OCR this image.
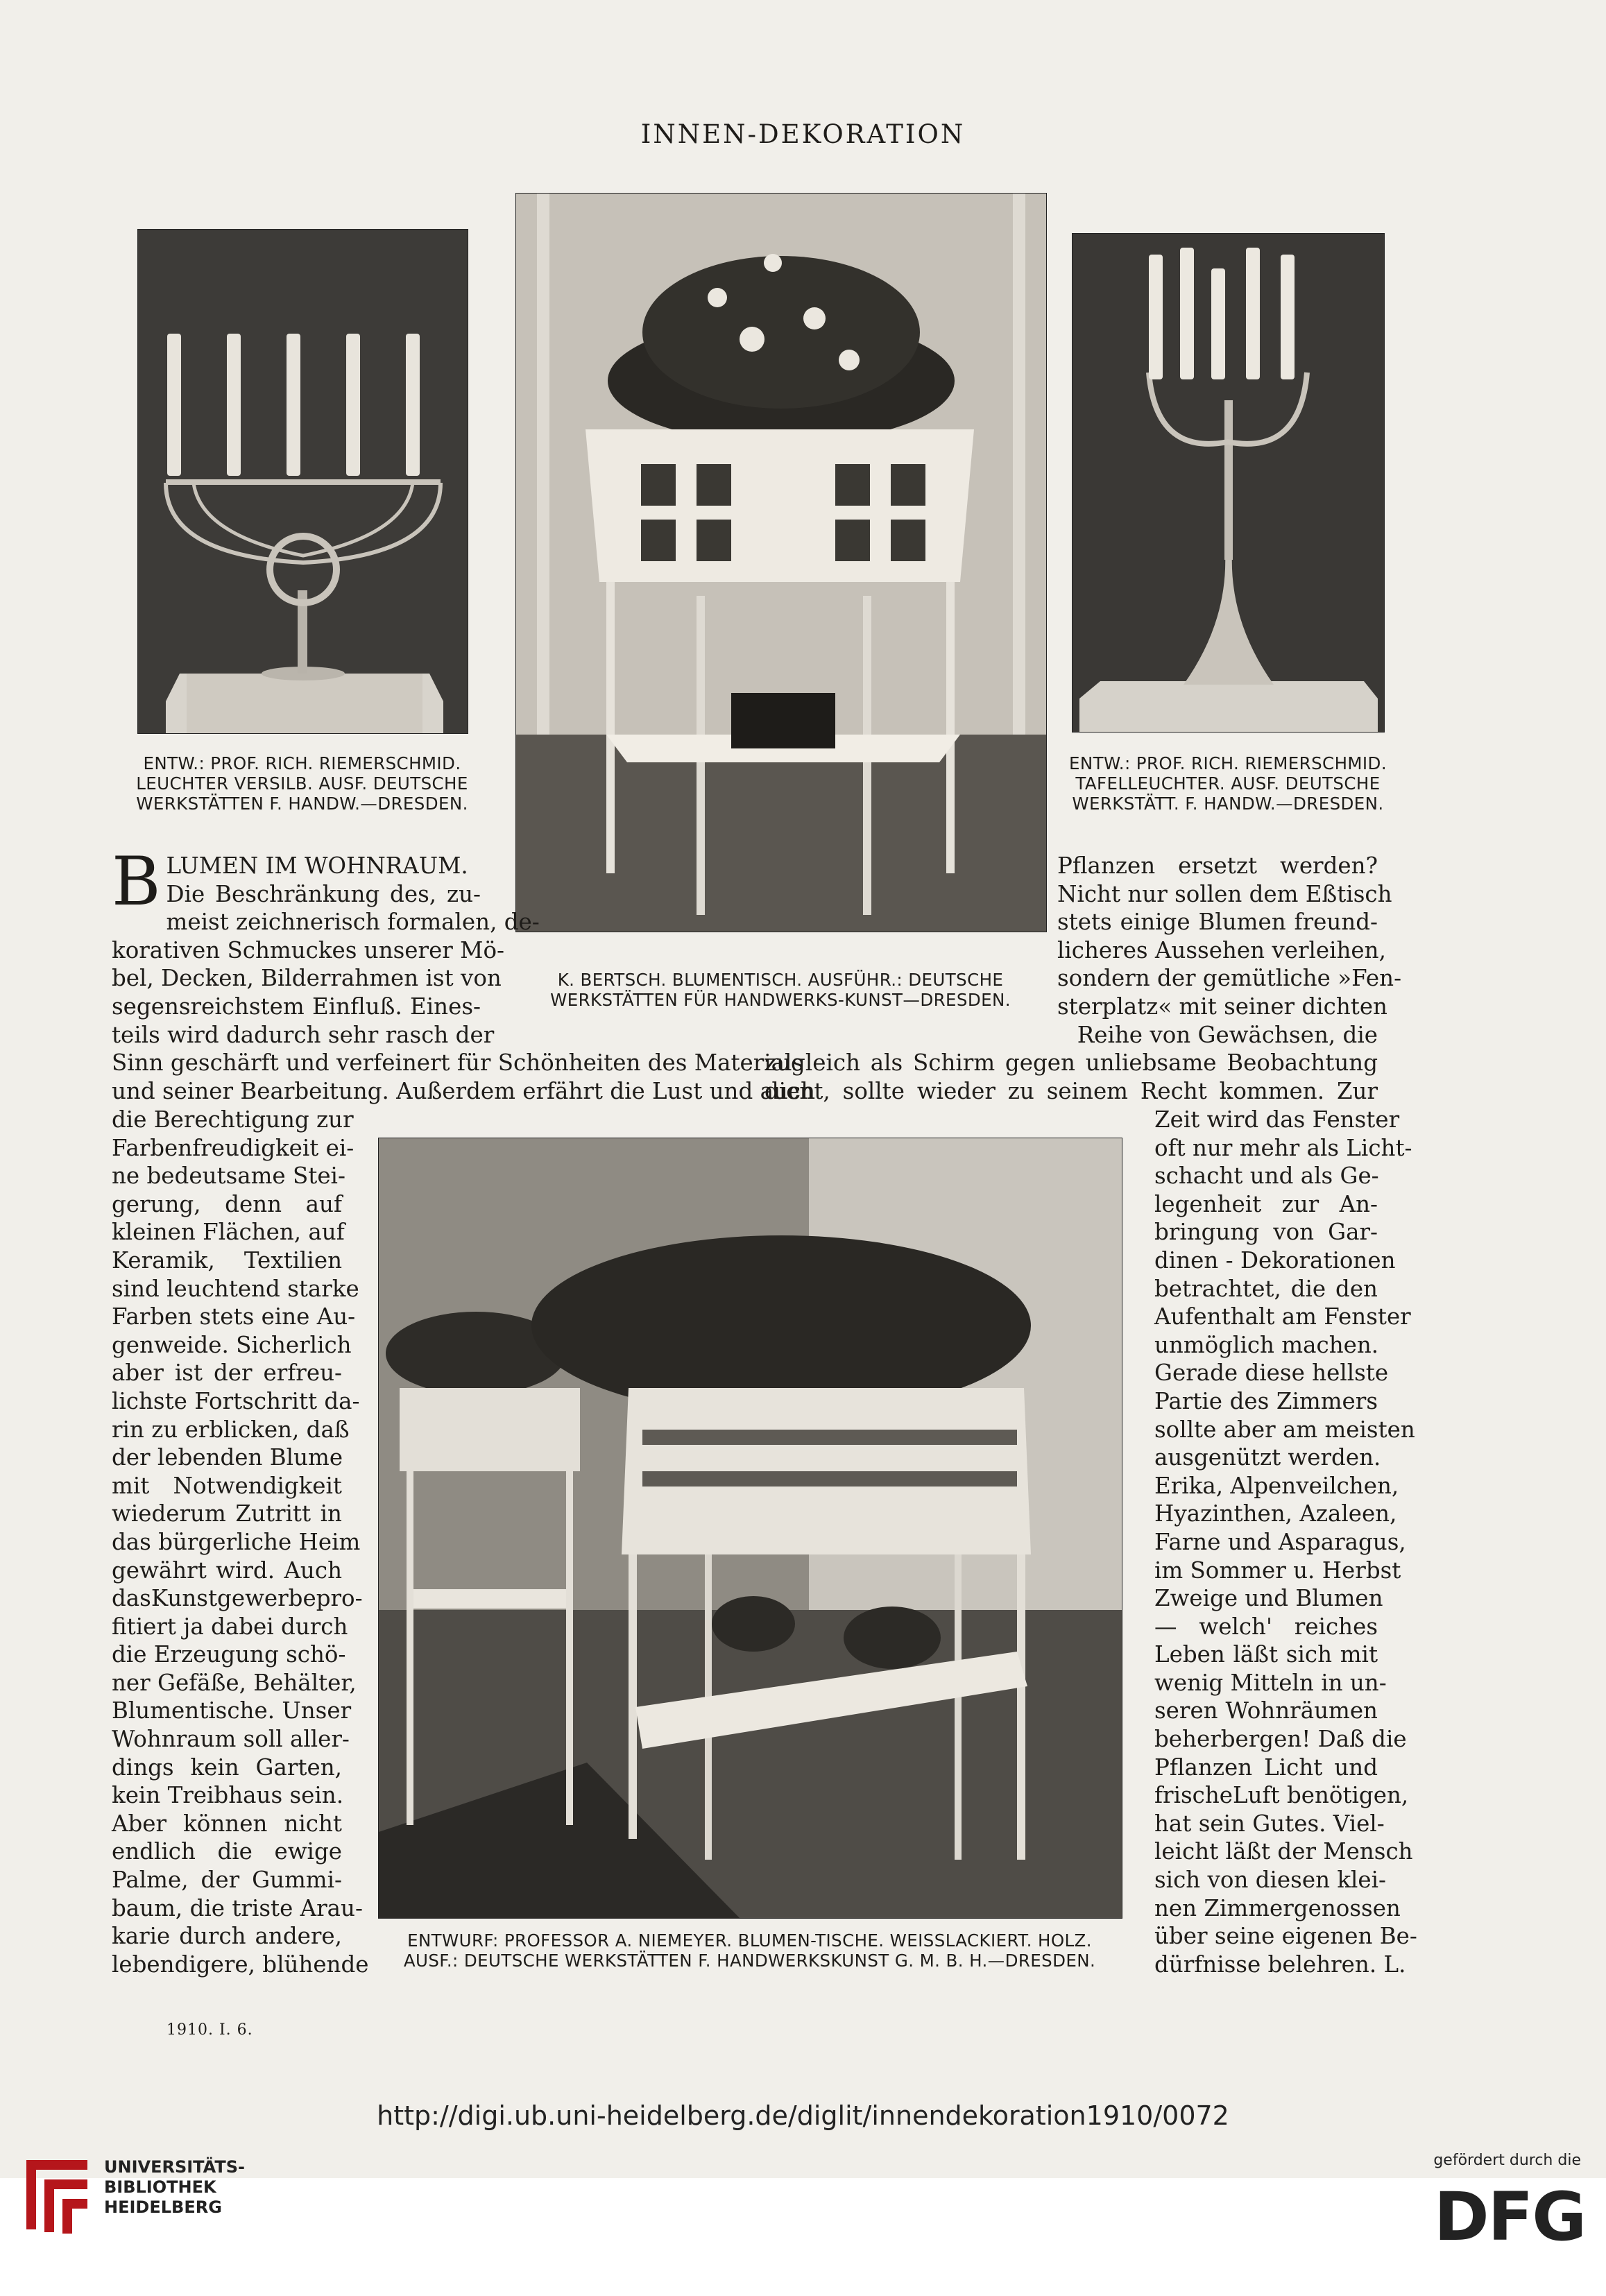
INNEN-DEKORATION
ENTW.: PROF. RICH. RIEMERSCHMID.
LEUCHTER VERSILB. AUSF. DEUTSCHE
WERKSTÄTTEN F. HANDW.—DRESDEN.
K. BERTSCH. BLUMENTISCH. AUSFÜHR.: DEUTSCHE
WERKSTÄTTEN FÜR HANDWERKS-KUNST—DRESDEN.
ENTW.: PROF. RICH. RIEMERSCHMID.
TAFELLEUCHTER. AUSF. DEUTSCHE
WERKSTÄTT. F. HANDW.—DRESDEN.
ENTWURF: PROFESSOR A. NIEMEYER. BLUMEN-TISCHE. WEISSLACKIERT. HOLZ.
AUSF.: DEUTSCHE WERKSTÄTTEN F. HANDWERKSKUNST G. M. B. H.—DRESDEN.
B LUMEN IM WOHNRAUM.
Die Beschränkung des, zu-
meist zeichnerisch formalen, de-
korativen Schmuckes unserer Mö-
bel, Decken, Bilderrahmen ist von
segensreichstem Einfluß. Eines-
teils wird dadurch sehr rasch der
Pflanzen ersetzt werden?
Nicht nur sollen dem Eßtisch
stets einige Blumen freund-
licheres Aussehen verleihen,
sondern der gemütliche »Fen-
sterplatz« mit seiner dichten
Reihe von Gewächsen, die
Sinn geschärft und verfeinert für Schönheiten des Materials
und seiner Bearbeitung. Außerdem erfährt die Lust und auch
zugleich als Schirm gegen unliebsame Beobachtung
dient, sollte wieder zu seinem Recht kommen. Zur
die Berechtigung zur
Farbenfreudigkeit ei-
ne bedeutsame Stei-
gerung, denn auf
kleinen Flächen, auf
Keramik, Textilien
sind leuchtend starke
Farben stets eine Au-
genweide. Sicherlich
aber ist der erfreu-
lichste Fortschritt da-
rin zu erblicken, daß
der lebenden Blume
mit Notwendigkeit
wiederum Zutritt in
das bürgerliche Heim
gewährt wird. Auch
dasKunstgewerbepro-
fitiert ja dabei durch
die Erzeugung schö-
ner Gefäße, Behälter,
Blumentische. Unser
Wohnraum soll aller-
dings kein Garten,
kein Treibhaus sein.
Aber können nicht
endlich die ewige
Palme, der Gummi-
baum, die triste Arau-
karie durch andere,
lebendigere, blühende
Zeit wird das Fenster
oft nur mehr als Licht-
schacht und als Ge-
legenheit zur An-
bringung von Gar-
dinen - Dekorationen
betrachtet, die den
Aufenthalt am Fenster
unmöglich machen.
Gerade diese hellste
Partie des Zimmers
sollte aber am meisten
ausgenützt werden.
Erika, Alpenveilchen,
Hyazinthen, Azaleen,
Farne und Asparagus,
im Sommer u. Herbst
Zweige und Blumen
— welch' reiches
Leben läßt sich mit
wenig Mitteln in un-
seren Wohnräumen
beherbergen! Daß die
Pflanzen Licht und
frischeLuft benötigen,
hat sein Gutes. Viel-
leicht läßt der Mensch
sich von diesen klei-
nen Zimmergenossen
über seine eigenen Be-
dürfnisse belehren. L.
1910. I. 6.
http://digi.ub.uni-heidelberg.de/diglit/innendekoration1910/0072
UNIVERSITÄTS-
BIBLIOTHEK
HEIDELBERG
gefördert durch die
DFG
